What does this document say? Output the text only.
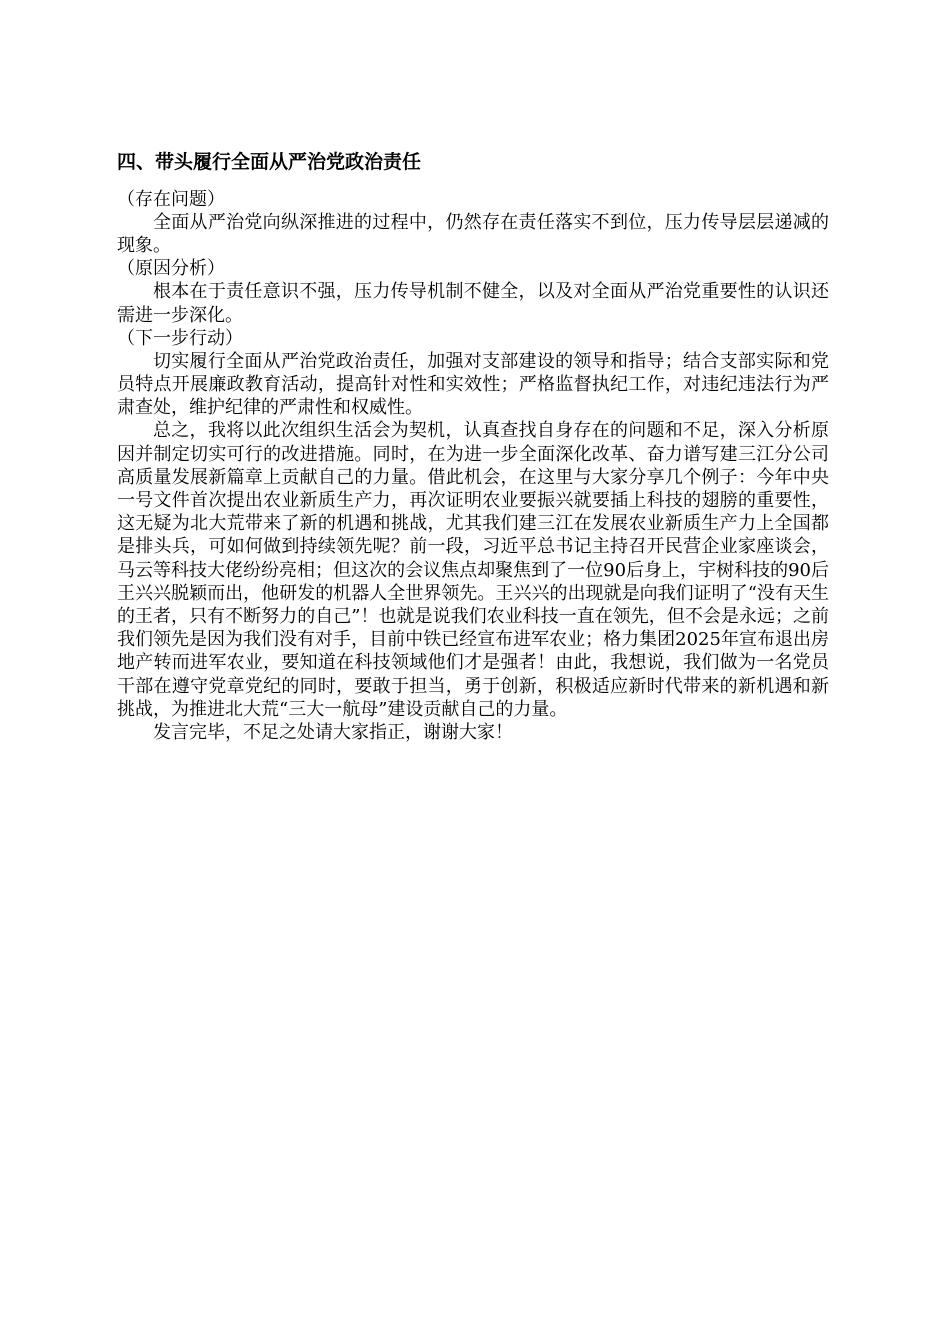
四、带头履行全面从严治党政治责任

（存在问题）

全面从严治党向纵深推进的过程中，仍然存在责任落实不到位，压力传导层层递减的现象。

（原因分析）

根本在于责任意识不强，压力传导机制不健全，以及对全面从严治党重要性的认识还需进一步深化。

（下一步行动）

切实履行全面从严治党政治责任，加强对支部建设的领导和指导；结合支部实际和党员特点开展廉政教育活动，提高针对性和实效性；严格监督执纪工作，对违纪违法行为严肃查处，维护纪律的严肃性和权威性。

总之，我将以此次组织生活会为契机，认真查找自身存在的问题和不足，深入分析原因并制定切实可行的改进措施。同时，在为进一步全面深化改革、奋力谱写建三江分公司高质量发展新篇章上贡献自己的力量。借此机会，在这里与大家分享几个例子：今年中央一号文件首次提出农业新质生产力，再次证明农业要振兴就要插上科技的翅膀的重要性，这无疑为北大荒带来了新的机遇和挑战，尤其我们建三江在发展农业新质生产力上全国都是排头兵，可如何做到持续领先呢？前一段，习近平总书记主持召开民营企业家座谈会，马云等科技大佬纷纷亮相；但这次的会议焦点却聚焦到了一位90后身上，宇树科技的90后王兴兴脱颖而出，他研发的机器人全世界领先。王兴兴的出现就是向我们证明了“没有天生的王者，只有不断努力的自己”！也就是说我们农业科技一直在领先，但不会是永远；之前我们领先是因为我们没有对手，目前中铁已经宣布进军农业；格力集团2025年宣布退出房地产转而进军农业，要知道在科技领域他们才是强者！由此，我想说，我们做为一名党员干部在遵守党章党纪的同时，要敢于担当，勇于创新，积极适应新时代带来的新机遇和新挑战，为推进北大荒“三大一航母”建设贡献自己的力量。

发言完毕，不足之处请大家指正，谢谢大家！
